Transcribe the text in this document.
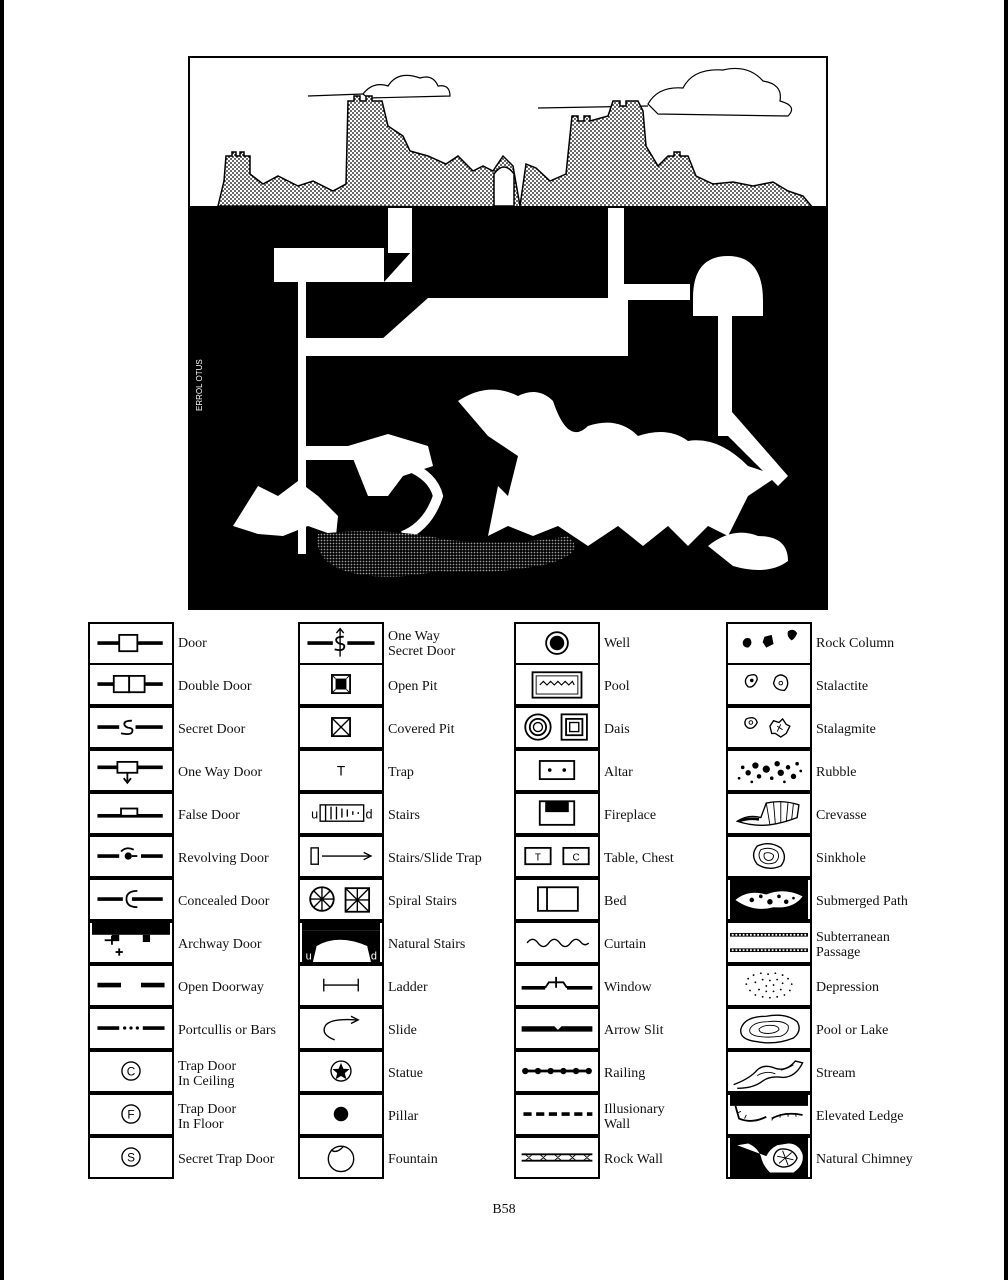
ERROL OTUS
Door
Double Door
Secret Door
One Way Door
False Door
Revolving Door
Concealed Door
Archway Door
Open Doorway
Portcullis or Bars
C	Trap Door
In Ceiling
F	Trap Door
In Floor
S	Secret Trap Door
One Way
Secret Door
Open Pit
Covered Pit
T	Trap
u	d Stairs
Stairs/Slide Trap
Spiral Stairs
u	d
Natural Stairs
Ladder
Slide
Statue
Pillar
Fountain
Well
Pool
Dais
Altar
Fireplace
T	C Table, Chest
Bed
Curtain
Window
Arrow Slit
Railing
Illusionary
Wall
Rock Wall
Rock Column
Stalactite
Stalagmite
Rubble
Crevasse
Sinkhole
Submerged Path
Subterranean
Passage
Depression
Pool or Lake
Stream
Elevated Ledge
Natural Chimney
B58
